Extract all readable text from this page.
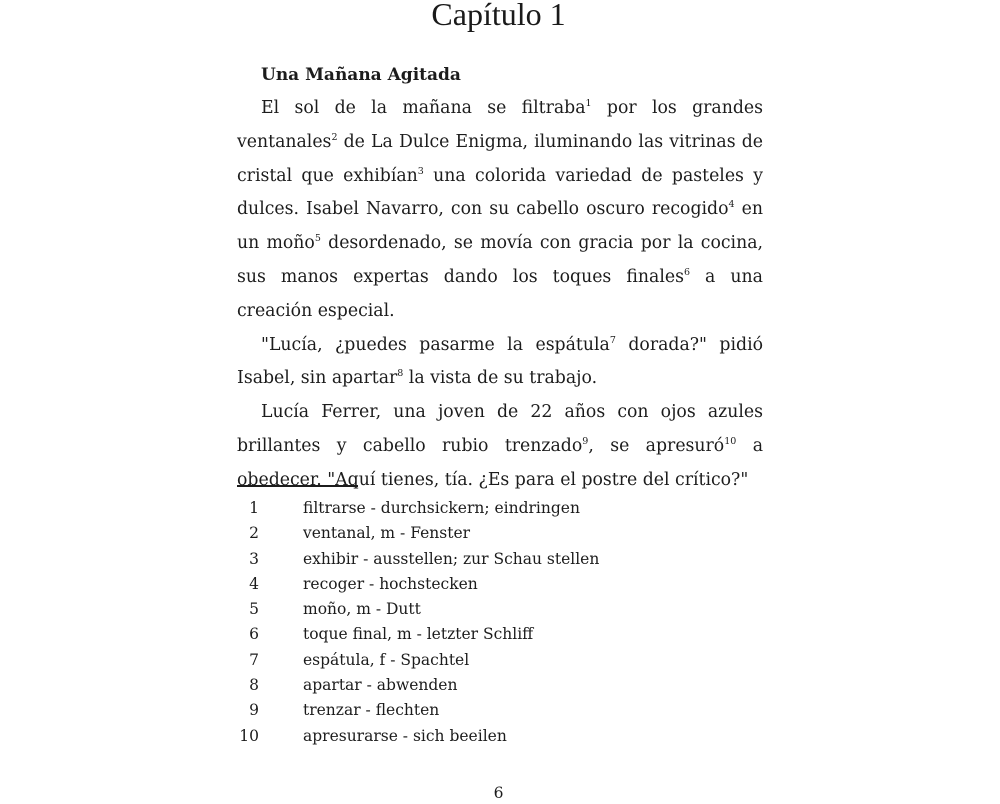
Capítulo 1
Una Mañana Agitada

El sol de la mañana se filtraba$^1$ por los grandes ventanales$^2$ de La Dulce Enigma, iluminando las vitrinas de cristal que exhibían$^3$ una colorida variedad de pasteles y dulces. Isabel Navarro, con su cabello oscuro recogido$^4$ en un moño$^5$ desordenado, se movía con gracia por la cocina, sus manos expertas dando los toques finales$^6$ a una creación especial.

"Lucía, ¿puedes pasarme la espátula$^7$ dorada?" pidió Isabel, sin apartar$^8$ la vista de su trabajo.

Lucía Ferrer, una joven de 22 años con ojos azules brillantes y cabello rubio trenzado$^9$, se apresuró$^{10}$ a obedecer. "Aquí tienes, tía. ¿Es para el postre del crítico?"

1	filtrarse - durchsickern; eindringen
2	ventanal, m - Fenster
3	exhibir - ausstellen; zur Schau stellen
4	recoger - hochstecken
5	moño, m - Dutt
6	toque final, m - letzter Schliff
7	espátula, f - Spachtel
8	apartar - abwenden
9	trenzar - flechten
10	apresurarse - sich beeilen
6
